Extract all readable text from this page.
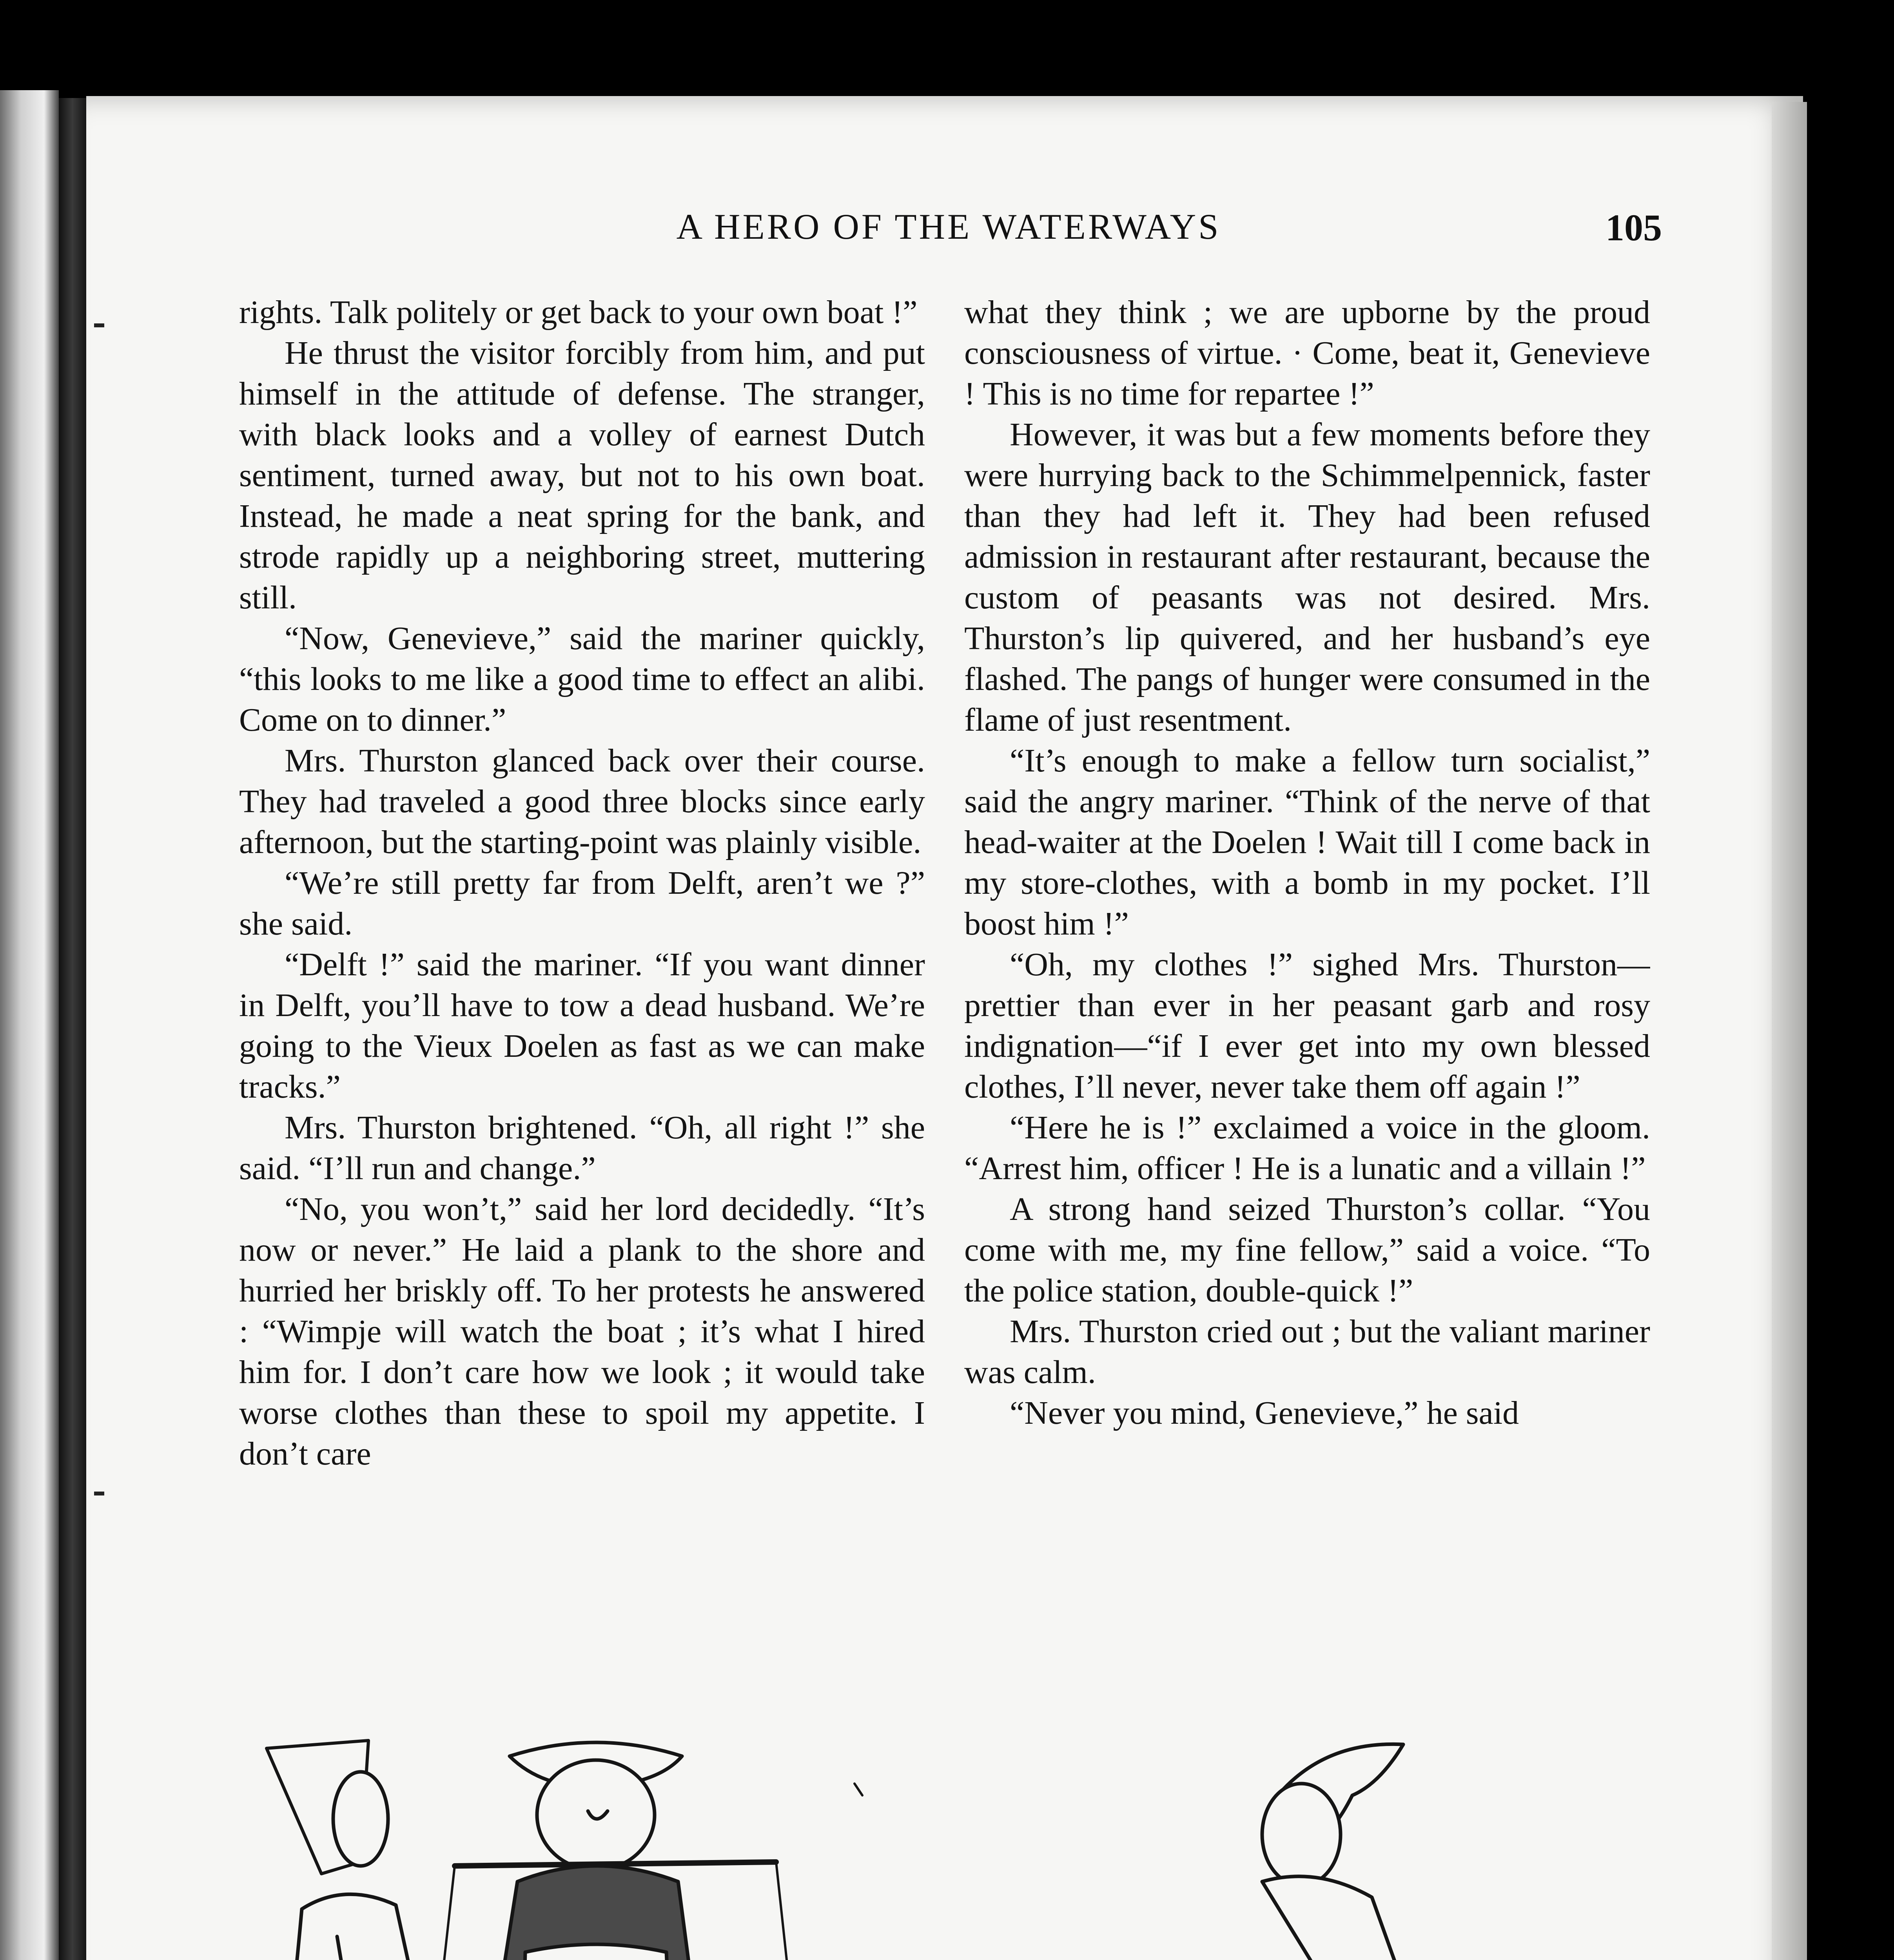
A HERO OF THE WATERWAYS	105

rights. Talk politely or get back to your own boat !”

He thrust the visitor forcibly from him, and put himself in the attitude of defense. The stranger, with black looks and a volley of earnest Dutch sentiment, turned away, but not to his own boat. Instead, he made a neat spring for the bank, and strode rapidly up a neighboring street, muttering still.

“Now, Genevieve,” said the mariner quickly, “this looks to me like a good time to effect an alibi. Come on to dinner.”

Mrs. Thurston glanced back over their course. They had traveled a good three blocks since early afternoon, but the starting-point was plainly visible.

“We’re still pretty far from Delft, aren’t we ?” she said.

“Delft !” said the mariner. “If you want dinner in Delft, you’ll have to tow a dead husband. We’re going to the Vieux Doelen as fast as we can make tracks.”

Mrs. Thurston brightened. “Oh, all right !” she said. “I’ll run and change.”

“No, you won’t,” said her lord decidedly. “It’s now or never.” He laid a plank to the shore and hurried her briskly off. To her protests he answered : “Wimpje will watch the boat ; it’s what I hired him for. I don’t care how we look ; it would take worse clothes than these to spoil my appetite. I don’t care

what they think ; we are upborne by the proud consciousness of virtue. · Come, beat it, Genevieve ! This is no time for repartee !”

However, it was but a few moments before they were hurrying back to the Schimmelpennick, faster than they had left it. They had been refused admission in restaurant after restaurant, because the custom of peasants was not desired. Mrs. Thurston’s lip quivered, and her husband’s eye flashed. The pangs of hunger were consumed in the flame of just resentment.

“It’s enough to make a fellow turn socialist,” said the angry mariner. “Think of the nerve of that head-waiter at the Doelen ! Wait till I come back in my store-clothes, with a bomb in my pocket. I’ll boost him !”

“Oh, my clothes !” sighed Mrs. Thurston—prettier than ever in her peasant garb and rosy indignation—“if I ever get into my own blessed clothes, I’ll never, never take them off again !”

“Here he is !” exclaimed a voice in the gloom. “Arrest him, officer ! He is a lunatic and a villain !”

A strong hand seized Thurston’s collar. “You come with me, my fine fellow,” said a voice. “To the police station, double-quick !”

Mrs. Thurston cried out ; but the valiant mariner was calm.

“Never you mind, Genevieve,” he said
